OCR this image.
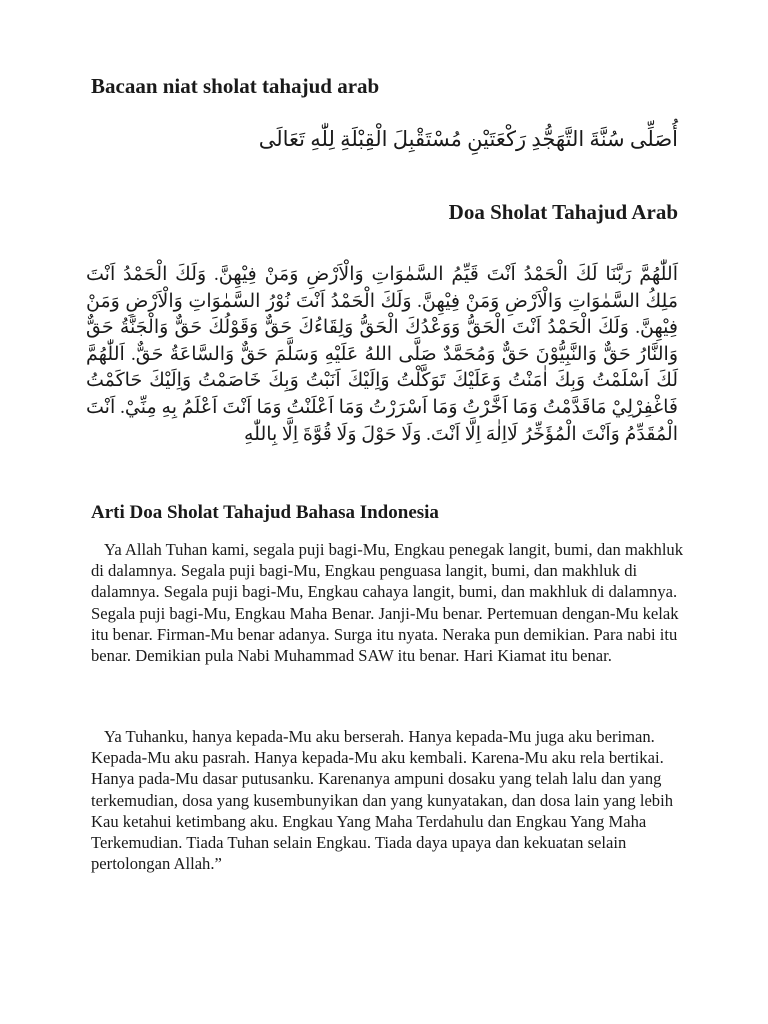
Bacaan niat sholat tahajud arab

أُصَلِّى سُنَّةَ التَّهَجُّدِ رَكْعَتَيْنِ مُسْتَقْبِلَ الْقِبْلَةِ لِلّٰهِ تَعَالَى

Doa Sholat Tahajud Arab

اَللّٰهُمَّ رَبَّنَا لَكَ الْحَمْدُ اَنْتَ قَيِّمُ السَّمٰوَاتِ وَالْاَرْضِ وَمَنْ فِيْهِنَّ. وَلَكَ الْحَمْدُ اَنْتَ مَلِكُ السَّمٰوَاتِ وَالْاَرْضِ وَمَنْ فِيْهِنَّ. وَلَكَ الْحَمْدُ اَنْتَ نُوْرُ السَّمٰوَاتِ وَالْاَرْضِ وَمَنْ فِيْهِنَّ. وَلَكَ الْحَمْدُ اَنْتَ الْحَقُّ وَوَعْدُكَ الْحَقُّ وَلِقَاءُكَ حَقٌّ وَقَوْلُكَ حَقٌّ وَالْجَنَّةُ حَقٌّ وَالنَّارُ حَقٌّ وَالنَّبِيُّوْنَ حَقٌّ وَمُحَمَّدٌ صَلَّى اللهُ عَلَيْهِ وَسَلَّمَ حَقٌّ وَالسَّاعَةُ حَقٌّ. اَللّٰهُمَّ لَكَ اَسْلَمْتُ وَبِكَ اٰمَنْتُ وَعَلَيْكَ تَوَكَّلْتُ وَاِلَيْكَ اَنَبْتُ وَبِكَ خَاصَمْتُ وَاِلَيْكَ حَاكَمْتُ فَاغْفِرْلِيْ مَاقَدَّمْتُ وَمَا اَخَّرْتُ وَمَا اَسْرَرْتُ وَمَا اَعْلَنْتُ وَمَا اَنْتَ اَعْلَمُ بِهِ مِنِّيْ. اَنْتَ الْمُقَدِّمُ وَاَنْتَ الْمُؤَخِّرُ لَااِلٰهَ اِلَّا اَنْتَ. وَلَا حَوْلَ وَلَا قُوَّةَ اِلَّا بِاللّٰهِ

Arti Doa Sholat Tahajud Bahasa Indonesia

Ya Allah Tuhan kami, segala puji bagi-Mu, Engkau penegak langit, bumi, dan makhluk di dalamnya. Segala puji bagi-Mu, Engkau penguasa langit, bumi, dan makhluk di dalamnya. Segala puji bagi-Mu, Engkau cahaya langit, bumi, dan makhluk di dalamnya. Segala puji bagi-Mu, Engkau Maha Benar. Janji-Mu benar. Pertemuan dengan-Mu kelak itu benar. Firman-Mu benar adanya. Surga itu nyata. Neraka pun demikian. Para nabi itu benar. Demikian pula Nabi Muhammad SAW itu benar. Hari Kiamat itu benar.

Ya Tuhanku, hanya kepada-Mu aku berserah. Hanya kepada-Mu juga aku beriman. Kepada-Mu aku pasrah. Hanya kepada-Mu aku kembali. Karena-Mu aku rela bertikai. Hanya pada-Mu dasar putusanku. Karenanya ampuni dosaku yang telah lalu dan yang terkemudian, dosa yang kusembunyikan dan yang kunyatakan, dan dosa lain yang lebih Kau ketahui ketimbang aku. Engkau Yang Maha Terdahulu dan Engkau Yang Maha Terkemudian. Tiada Tuhan selain Engkau. Tiada daya upaya dan kekuatan selain pertolongan Allah.”
